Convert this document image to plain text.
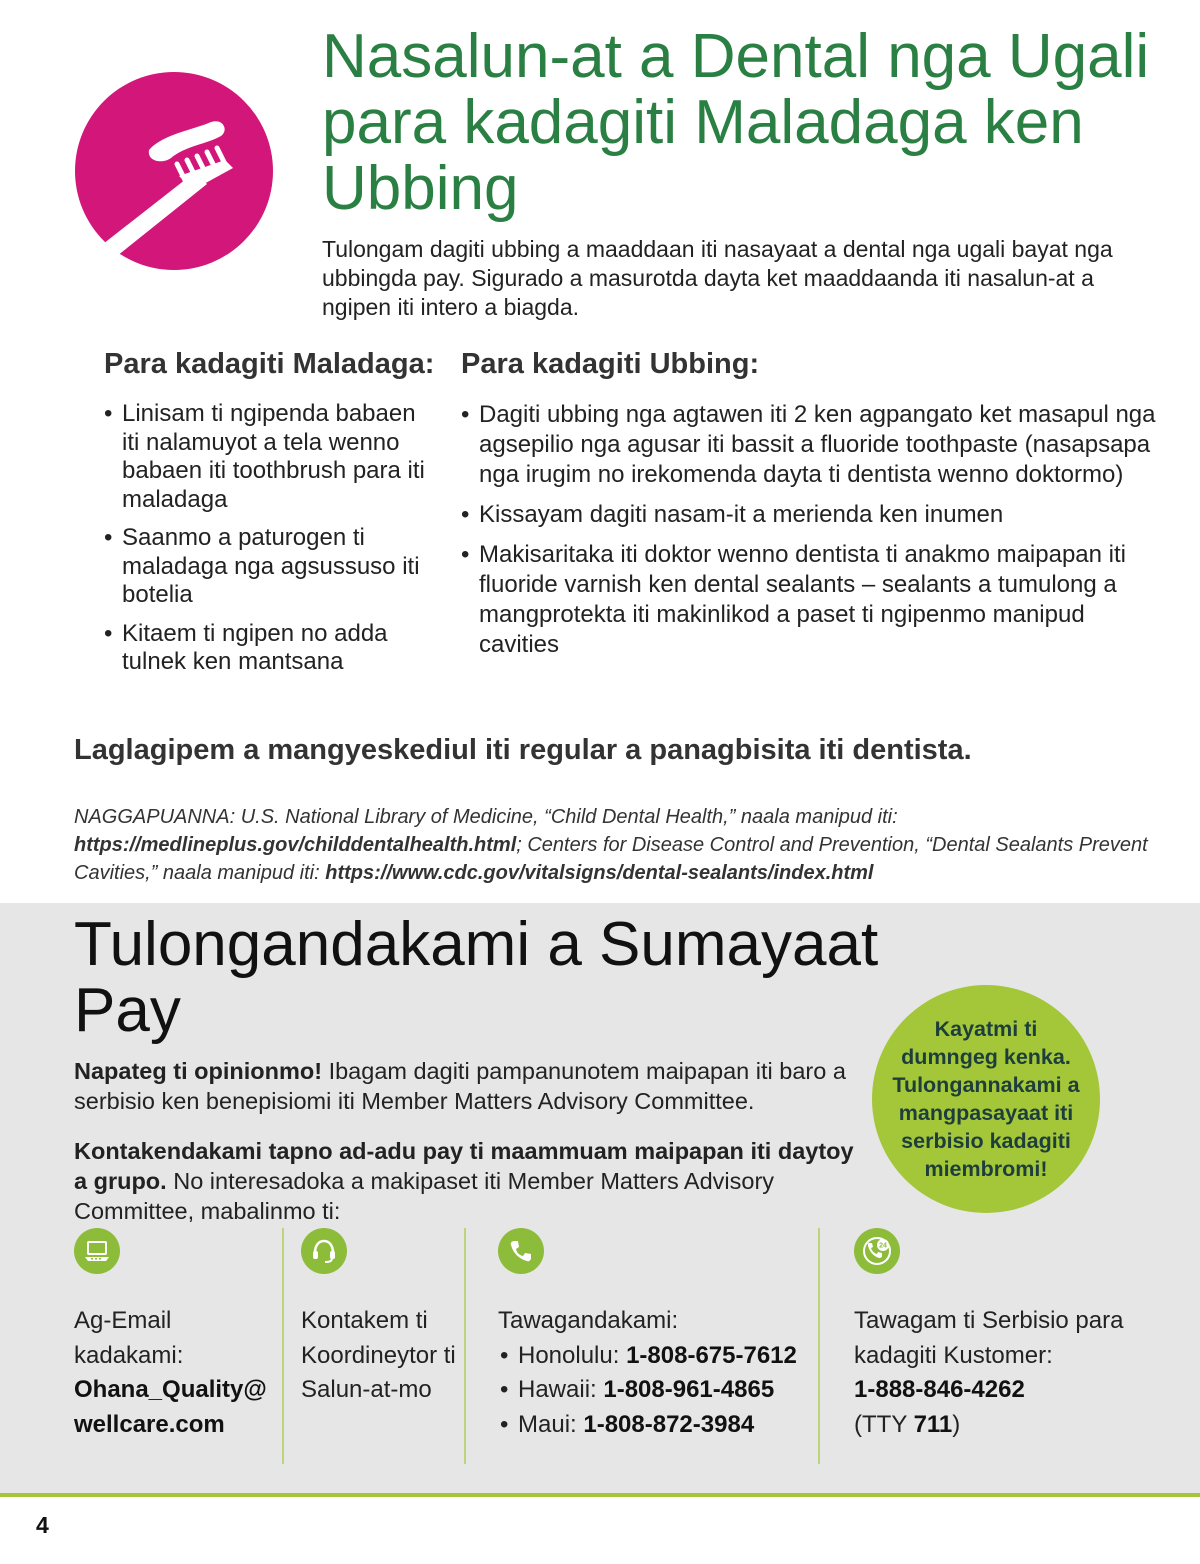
Nasalun-at a Dental nga Ugali para kadagiti Maladaga ken Ubbing

Tulongam dagiti ubbing a maaddaan iti nasayaat a dental nga ugali bayat nga ubbingda pay. Sigurado a masurotda dayta ket maaddaanda iti nasalun-at a ngipen iti intero a biagda.

Para kadagiti Maladaga:
• Linisam ti ngipenda babaen iti nalamuyot a tela wenno babaen iti toothbrush para iti maladaga
• Saanmo a paturogen ti maladaga nga agsussuso iti botelia
• Kitaem ti ngipen no adda tulnek ken mantsana
Para kadagiti Ubbing:
• Dagiti ubbing nga agtawen iti 2 ken agpangato ket masapul nga agsepilio nga agusar iti bassit a fluoride toothpaste (nasapsapa nga irugim no irekomenda dayta ti dentista wenno doktormo)
• Kissayam dagiti nasam-it a merienda ken inumen
• Makisaritaka iti doktor wenno dentista ti anakmo maipapan iti fluoride varnish ken dental sealants – sealants a tumulong a mangprotekta iti makinlikod a paset ti ngipenmo manipud cavities

Laglagipem a mangyeskediul iti regular a panagbisita iti dentista.

NAGGAPUANNA: U.S. National Library of Medicine, “Child Dental Health,” naala manipud iti: https://medlineplus.gov/childdentalhealth.html; Centers for Disease Control and Prevention, “Dental Sealants Prevent Cavities,” naala manipud iti: https://www.cdc.gov/vitalsigns/dental-sealants/index.html

Tulongandakami a Sumayaat Pay	Kayatmi ti dumngeg kenka. Tulongannakami a mangpasayaat iti serbisio kadagiti miembromi!

Napateg ti opinionmo! Ibagam dagiti pampanunotem maipapan iti baro a serbisio ken benepisiomi iti Member Matters Advisory Committee.

Kontakendakami tapno ad-adu pay ti maammuam maipapan iti daytoy a grupo. No interesadoka a makipaset iti Member Matters Advisory Committee, mabalinmo ti:

Ag-Email kadakami:
Ohana_Quality@
wellcare.com
Kontakem ti Koordineytor ti Salun-at-mo
Tawagandakami:
• Honolulu: 1-808-675-7612
• Hawaii: 1-808-961-4865
• Maui: 1-808-872-3984
24
Tawagam ti Serbisio para kadagiti Kustomer:
1-888-846-4262
(TTY 711)

4
